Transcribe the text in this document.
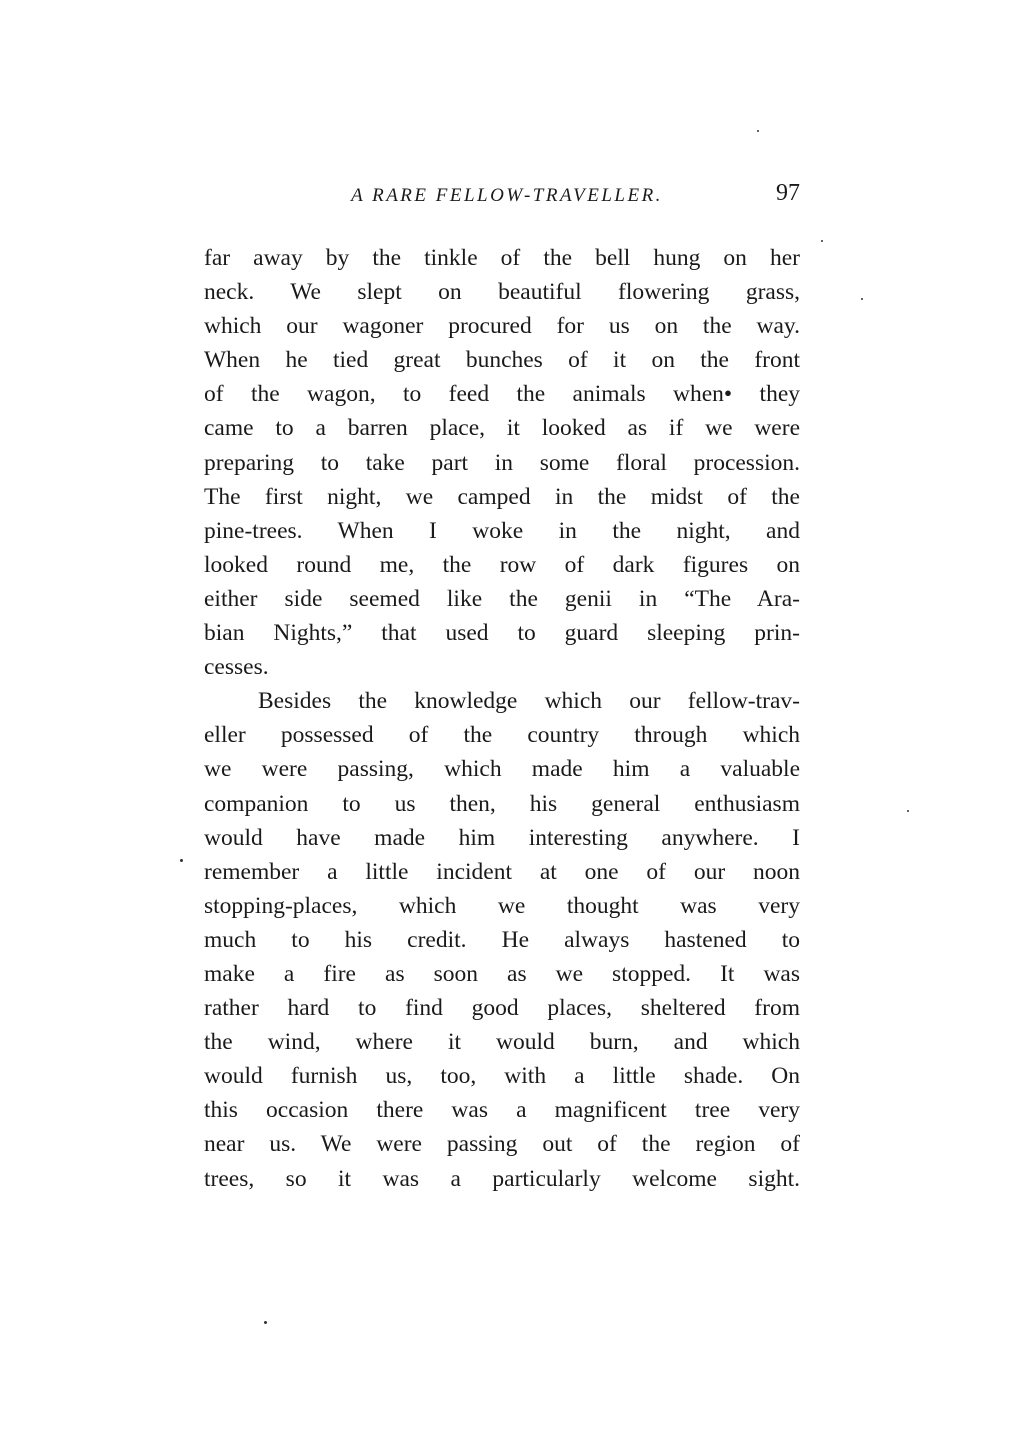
A RARE FELLOW-TRAVELLER.	97
far away by the tinkle of the bell hung on her
neck. We slept on beautiful flowering grass,
which our wagoner procured for us on the way.
When he tied great bunches of it on the front
of the wagon, to feed the animals when• they
came to a barren place, it looked as if we were
preparing to take part in some floral procession.
The first night, we camped in the midst of the
pine-trees. When I woke in the night, and
looked round me, the row of dark figures on
either side seemed like the genii in “The Ara-
bian Nights,” that used to guard sleeping prin-
cesses.
Besides the knowledge which our fellow-trav-
eller possessed of the country through which
we were passing, which made him a valuable
companion to us then, his general enthusiasm
would have made him interesting anywhere. I
remember a little incident at one of our noon
stopping-places, which we thought was very
much to his credit. He always hastened to
make a fire as soon as we stopped. It was
rather hard to find good places, sheltered from
the wind, where it would burn, and which
would furnish us, too, with a little shade. On
this occasion there was a magnificent tree very
near us. We were passing out of the region of
trees, so it was a particularly welcome sight.
